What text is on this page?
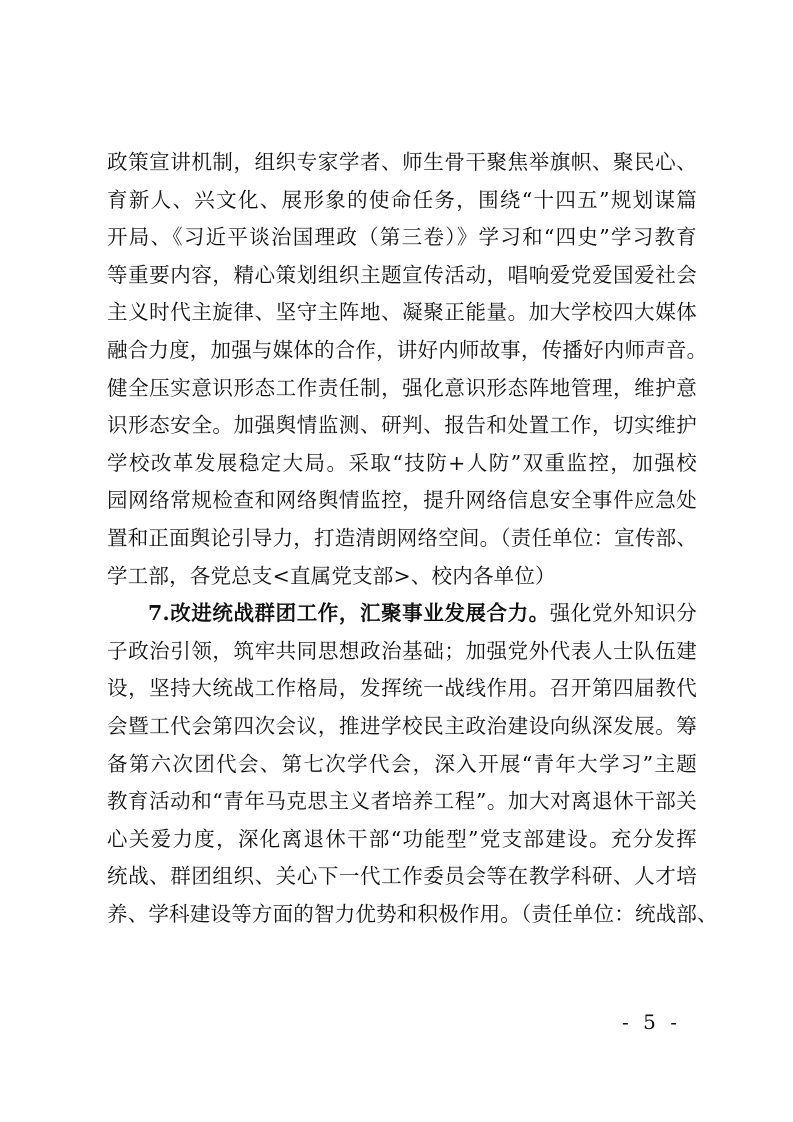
政策宣讲机制，组织专家学者、师生骨干聚焦举旗帜、聚民心、
育新人、兴文化、展形象的使命任务，围绕“十四五”规划谋篇
开局、《习近平谈治国理政（第三卷）》学习和“四史”学习教育
等重要内容，精心策划组织主题宣传活动，唱响爱党爱国爱社会
主义时代主旋律、坚守主阵地、凝聚正能量。加大学校四大媒体
融合力度，加强与媒体的合作，讲好内师故事，传播好内师声音。
健全压实意识形态工作责任制，强化意识形态阵地管理，维护意
识形态安全。加强舆情监测、研判、报告和处置工作，切实维护
学校改革发展稳定大局。采取“技防+人防”双重监控，加强校
园网络常规检查和网络舆情监控，提升网络信息安全事件应急处
置和正面舆论引导力，打造清朗网络空间。（责任单位：宣传部、
学工部，各党总支<直属党支部>、校内各单位）
7.改进统战群团工作，汇聚事业发展合力。强化党外知识分
子政治引领，筑牢共同思想政治基础；加强党外代表人士队伍建
设，坚持大统战工作格局，发挥统一战线作用。召开第四届教代
会暨工代会第四次会议，推进学校民主政治建设向纵深发展。筹
备第六次团代会、第七次学代会，深入开展“青年大学习”主题
教育活动和“青年马克思主义者培养工程”。加大对离退休干部关
心关爱力度，深化离退休干部“功能型”党支部建设。充分发挥
统战、群团组织、关心下一代工作委员会等在教学科研、人才培
养、学科建设等方面的智力优势和积极作用。（责任单位：统战部、
- 5 -
